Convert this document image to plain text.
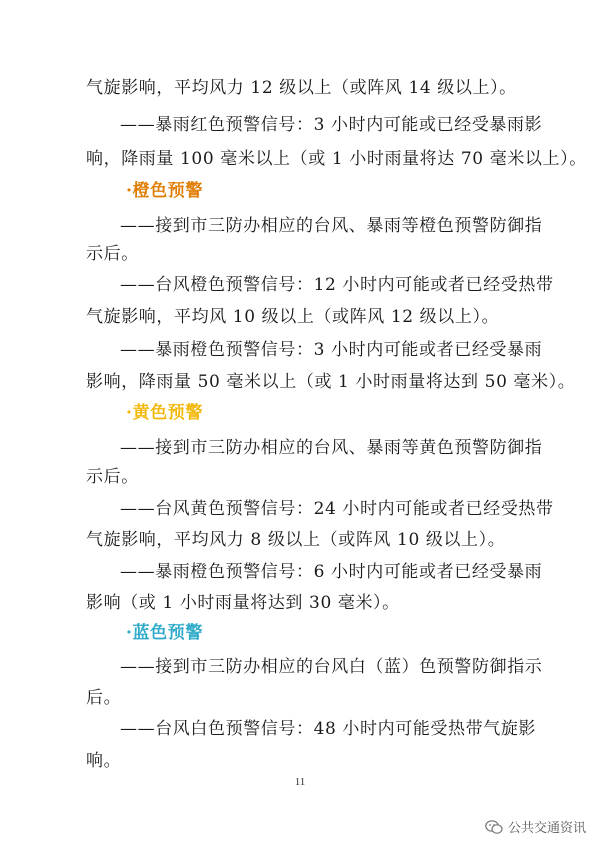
气旋影响，平均风力 12 级以上（或阵风 14 级以上）。
——暴雨红色预警信号：3 小时内可能或已经受暴雨影
响，降雨量 100 毫米以上（或 1 小时雨量将达 70 毫米以上）。
·橙色预警
——接到市三防办相应的台风、暴雨等橙色预警防御指
示后。
——台风橙色预警信号：12 小时内可能或者已经受热带
气旋影响，平均风 10 级以上（或阵风 12 级以上）。
——暴雨橙色预警信号：3 小时内可能或者已经受暴雨
影响，降雨量 50 毫米以上（或 1 小时雨量将达到 50 毫米）。
·黄色预警
——接到市三防办相应的台风、暴雨等黄色预警防御指
示后。
——台风黄色预警信号：24 小时内可能或者已经受热带
气旋影响，平均风力 8 级以上（或阵风 10 级以上）。
——暴雨橙色预警信号：6 小时内可能或者已经受暴雨
影响（或 1 小时雨量将达到 30 毫米）。
·蓝色预警
——接到市三防办相应的台风白（蓝）色预警防御指示
后。
11
公共交通资讯
——台风白色预警信号：48 小时内可能受热带气旋影
响。
